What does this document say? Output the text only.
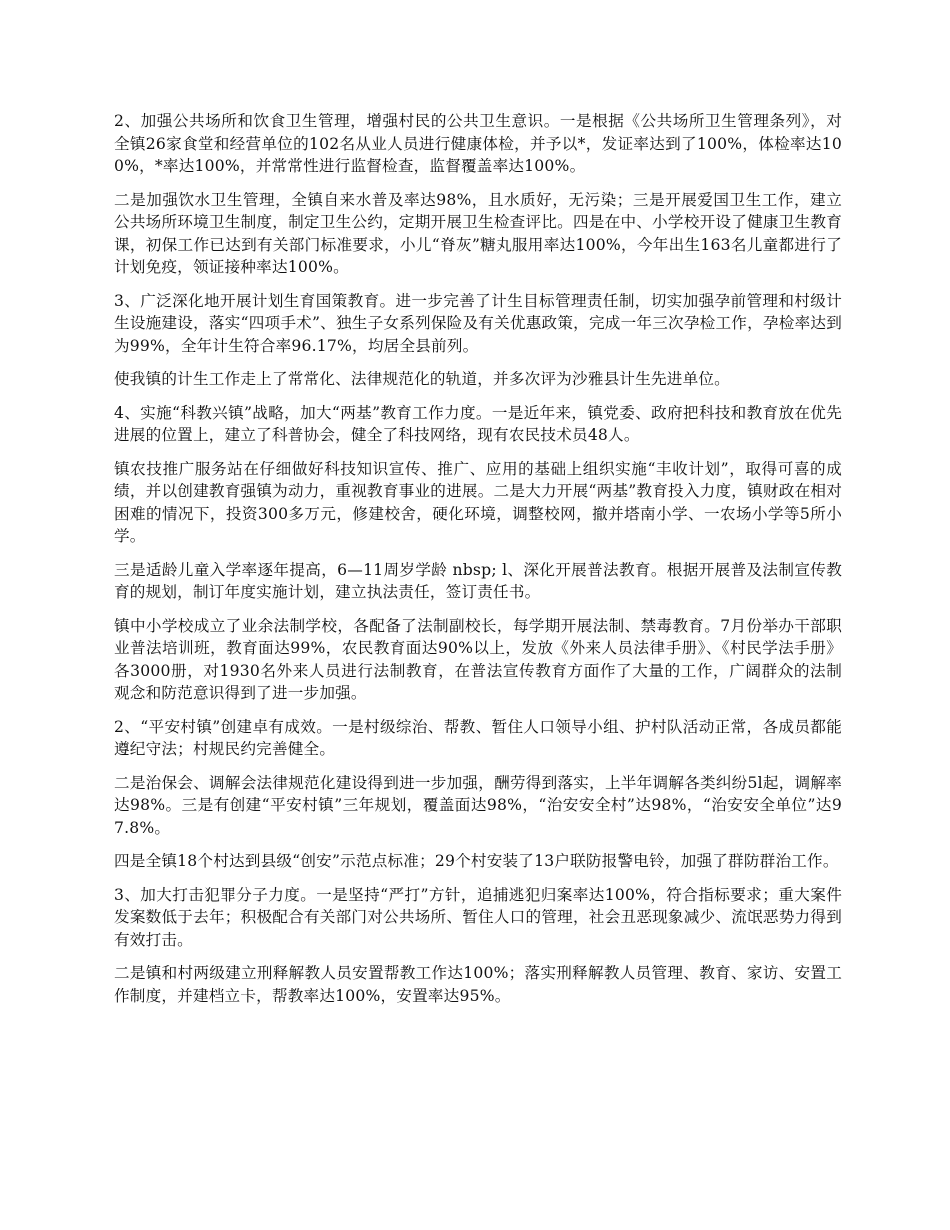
2、加强公共场所和饮食卫生管理，增强村民的公共卫生意识。一是根据《公共场所卫生管理条列》，对全镇26家食堂和经营单位的102名从业人员进行健康体检，并予以*，发证率达到了100%，体检率达100%，*率达100%，并常常性进行监督检查，监督覆盖率达100%。

二是加强饮水卫生管理，全镇自来水普及率达98%，且水质好，无污染；三是开展爱国卫生工作，建立公共场所环境卫生制度，制定卫生公约，定期开展卫生检查评比。四是在中、小学校开设了健康卫生教育课，初保工作已达到有关部门标准要求，小儿“脊灰”糖丸服用率达100%，今年出生163名儿童都进行了计划免疫，领证接种率达100%。

3、广泛深化地开展计划生育国策教育。进一步完善了计生目标管理责任制，切实加强孕前管理和村级计生设施建设，落实“四项手术”、独生子女系列保险及有关优惠政策，完成一年三次孕检工作，孕检率达到为99%，全年计生符合率96.17%，均居全县前列。

使我镇的计生工作走上了常常化、法律规范化的轨道，并多次评为沙雅县计生先进单位。

4、实施“科教兴镇”战略，加大“两基”教育工作力度。一是近年来，镇党委、政府把科技和教育放在优先进展的位置上，建立了科普协会，健全了科技网络，现有农民技术员48人。

镇农技推广服务站在仔细做好科技知识宣传、推广、应用的基础上组织实施“丰收计划”，取得可喜的成绩，并以创建教育强镇为动力，重视教育事业的进展。二是大力开展“两基”教育投入力度，镇财政在相对困难的情况下，投资300多万元，修建校舍，硬化环境，调整校网，撤并塔南小学、一农场小学等5所小学。

三是适龄儿童入学率逐年提高，6—11周岁学龄 nbsp; l、深化开展普法教育。根据开展普及法制宣传教育的规划，制订年度实施计划，建立执法责任，签订责任书。

镇中小学校成立了业余法制学校，各配备了法制副校长，每学期开展法制、禁毒教育。7月份举办干部职业普法培训班，教育面达99%，农民教育面达90%以上，发放《外来人员法律手册》、《村民学法手册》各3000册，对1930名外来人员进行法制教育，在普法宣传教育方面作了大量的工作，广阔群众的法制观念和防范意识得到了进一步加强。

2、“平安村镇”创建卓有成效。一是村级综治、帮教、暂住人口领导小组、护村队活动正常，各成员都能遵纪守法；村规民约完善健全。

二是治保会、调解会法律规范化建设得到进一步加强，酬劳得到落实，上半年调解各类纠纷5l起，调解率达98%。三是有创建“平安村镇”三年规划，覆盖面达98%，“治安安全村”达98%，“治安安全单位”达97.8%。

四是全镇18个村达到县级“创安”示范点标准；29个村安装了13户联防报警电铃，加强了群防群治工作。

3、加大打击犯罪分子力度。一是坚持“严打”方针，追捕逃犯归案率达100%，符合指标要求；重大案件发案数低于去年；积极配合有关部门对公共场所、暂住人口的管理，社会丑恶现象减少、流氓恶势力得到有效打击。

二是镇和村两级建立刑释解教人员安置帮教工作达100%；落实刑释解教人员管理、教育、家访、安置工作制度，并建档立卡，帮教率达100%，安置率达95%。
